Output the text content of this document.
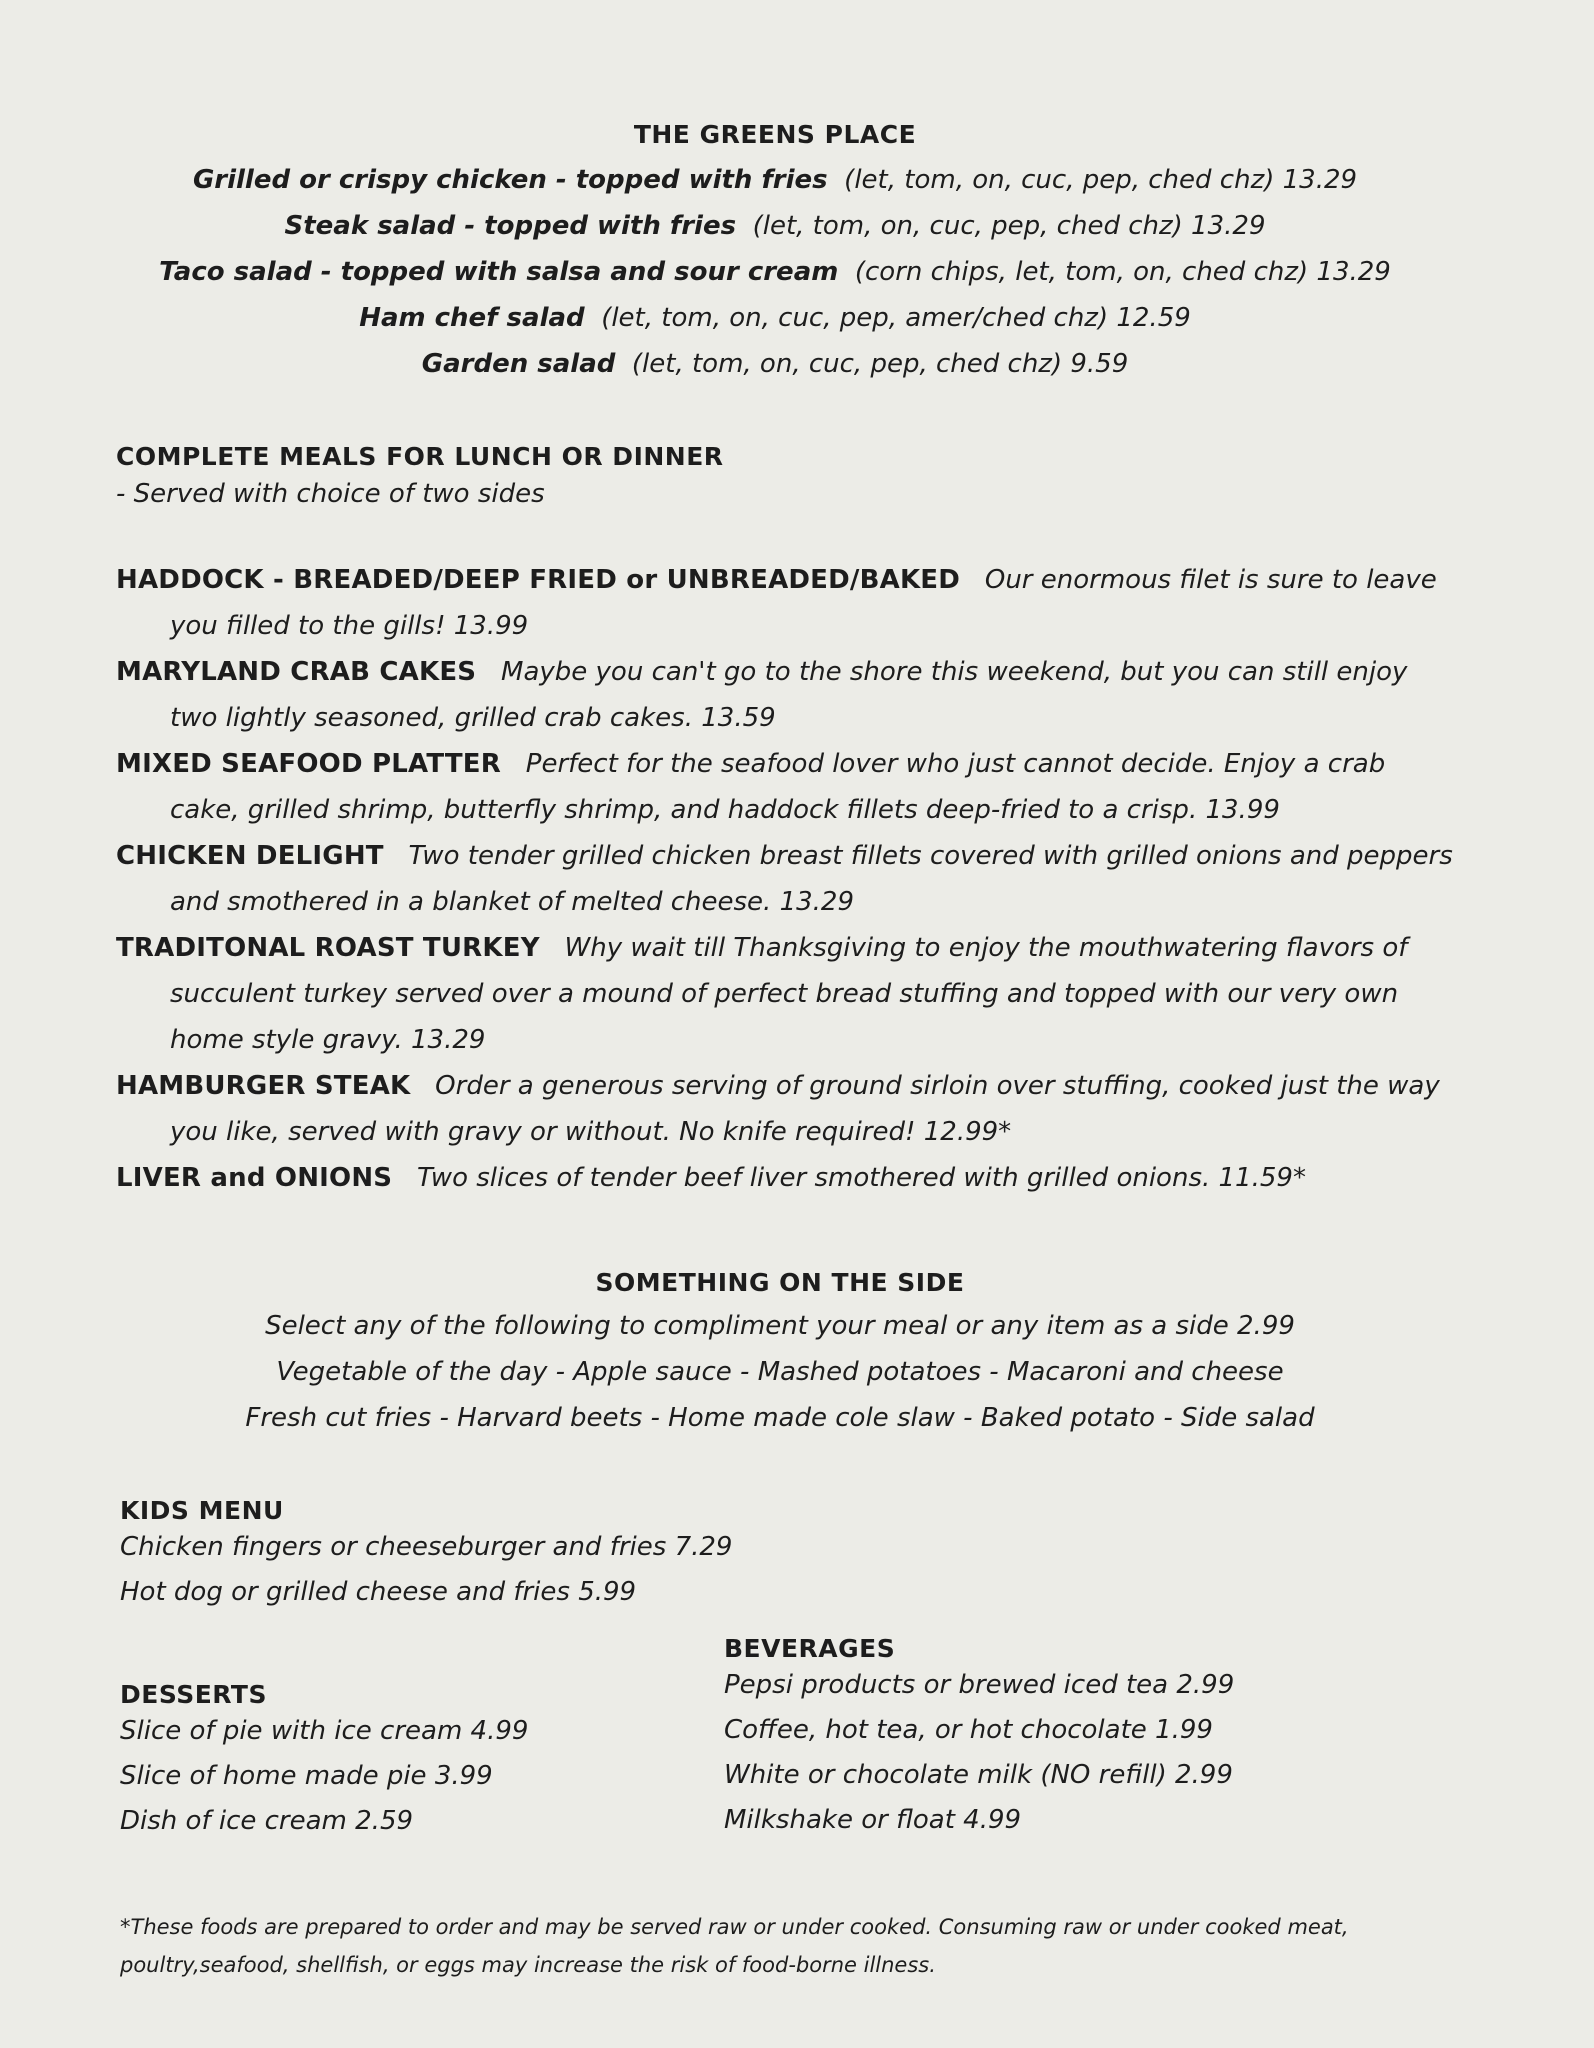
THE GREENS PLACE
Grilled or crispy chicken - topped with fries (let, tom, on, cuc, pep, ched chz) 13.29
Steak salad - topped with fries (let, tom, on, cuc, pep, ched chz) 13.29
Taco salad - topped with salsa and sour cream (corn chips, let, tom, on, ched chz) 13.29
Ham chef salad (let, tom, on, cuc, pep, amer/ched chz) 12.59
Garden salad (let, tom, on, cuc, pep, ched chz) 9.59
COMPLETE MEALS FOR LUNCH OR DINNER
- Served with choice of two sides
HADDOCK - BREADED/DEEP FRIED or UNBREADED/BAKED Our enormous filet is sure to leave you filled to the gills! 13.99
MARYLAND CRAB CAKES Maybe you can't go to the shore this weekend, but you can still enjoy two lightly seasoned, grilled crab cakes. 13.59
MIXED SEAFOOD PLATTER Perfect for the seafood lover who just cannot decide. Enjoy a crab cake, grilled shrimp, butterfly shrimp, and haddock fillets deep-fried to a crisp. 13.99
CHICKEN DELIGHT Two tender grilled chicken breast fillets covered with grilled onions and peppers and smothered in a blanket of melted cheese. 13.29
TRADITONAL ROAST TURKEY Why wait till Thanksgiving to enjoy the mouthwatering flavors of succulent turkey served over a mound of perfect bread stuffing and topped with our very own home style gravy. 13.29
HAMBURGER STEAK Order a generous serving of ground sirloin over stuffing, cooked just the way you like, served with gravy or without. No knife required! 12.99*
LIVER and ONIONS Two slices of tender beef liver smothered with grilled onions. 11.59*
SOMETHING ON THE SIDE
Select any of the following to compliment your meal or any item as a side 2.99
Vegetable of the day - Apple sauce - Mashed potatoes - Macaroni and cheese
Fresh cut fries - Harvard beets - Home made cole slaw - Baked potato - Side salad
KIDS MENU
Chicken fingers or cheeseburger and fries 7.29
Hot dog or grilled cheese and fries 5.99
DESSERTS
Slice of pie with ice cream 4.99
Slice of home made pie 3.99
Dish of ice cream 2.59
BEVERAGES
Pepsi products or brewed iced tea 2.99
Coffee, hot tea, or hot chocolate 1.99
White or chocolate milk (NO refill) 2.99
Milkshake or float 4.99
*These foods are prepared to order and may be served raw or under cooked. Consuming raw or under cooked meat, poultry,seafood, shellfish, or eggs may increase the risk of food-borne illness.
